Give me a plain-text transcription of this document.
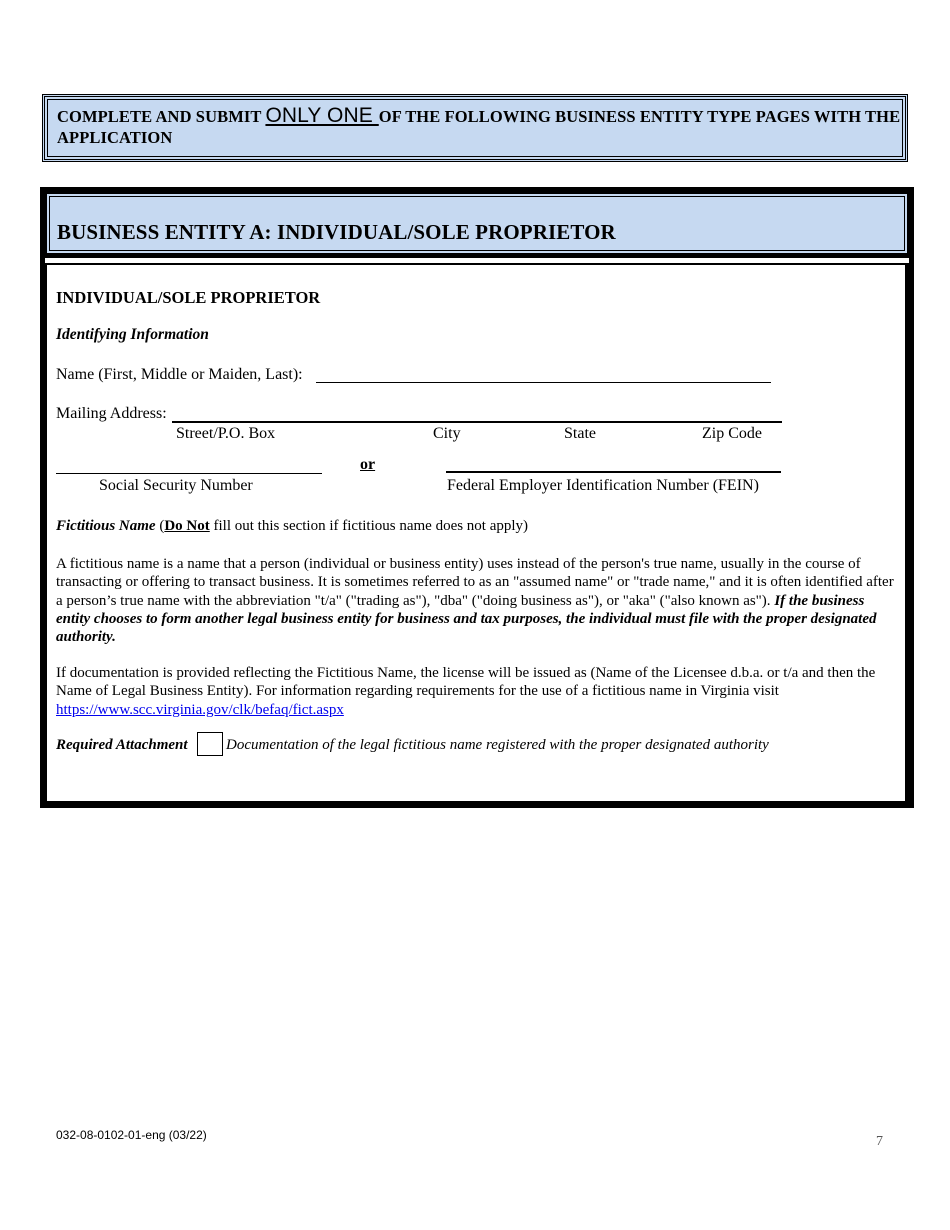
COMPLETE AND SUBMIT ONLY ONE OF THE FOLLOWING BUSINESS ENTITY TYPE PAGES WITH THE APPLICATION
BUSINESS ENTITY A: INDIVIDUAL/SOLE PROPRIETOR
INDIVIDUAL/SOLE PROPRIETOR
Identifying Information
Name (First, Middle or Maiden, Last):
Mailing Address:
Street/P.O. Box	City	State	Zip Code
or
Social Security Number	Federal Employer Identification Number (FEIN)
Fictitious Name (Do Not fill out this section if fictitious name does not apply)
A fictitious name is a name that a person (individual or business entity) uses instead of the person's true name, usually in the course of transacting or offering to transact business. It is sometimes referred to as an "assumed name" or "trade name," and it is often identified after a person’s true name with the abbreviation "t/a" ("trading as"), "dba" ("doing business as"), or "aka" ("also known as"). If the business entity chooses to form another legal business entity for business and tax purposes, the individual must file with the proper designated authority.
If documentation is provided reflecting the Fictitious Name, the license will be issued as (Name of the Licensee d.b.a. or t/a and then the Name of Legal Business Entity). For information regarding requirements for the use of a fictitious name in Virginia visit
https://www.scc.virginia.gov/clk/befaq/fict.aspx
Required Attachment	Documentation of the legal fictitious name registered with the proper designated authority
032-08-0102-01-eng (03/22)	7
